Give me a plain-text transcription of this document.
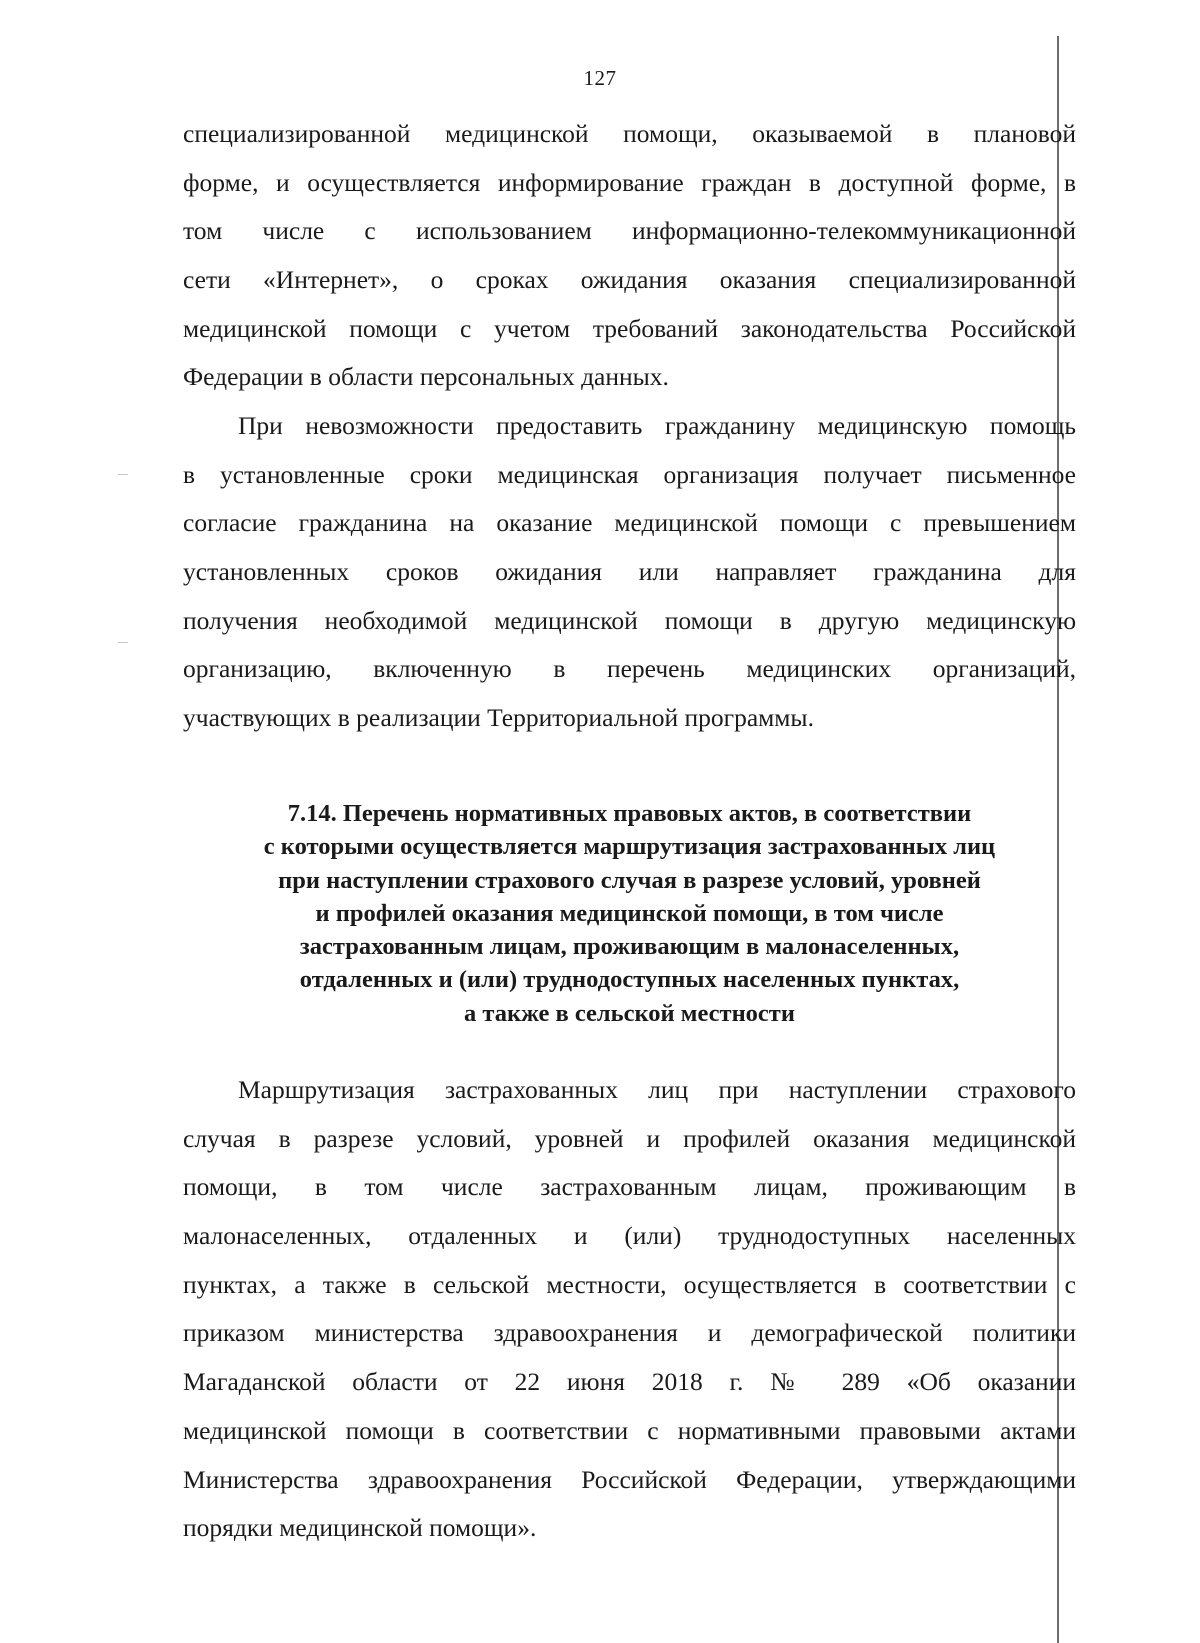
127
специализированной медицинской помощи, оказываемой в плановой
форме, и осуществляется информирование граждан в доступной форме, в
том числе с использованием информационно-телекоммуникационной
сети «Интернет», о сроках ожидания оказания специализированной
медицинской помощи с учетом требований законодательства Российской
Федерации в области персональных данных.
При невозможности предоставить гражданину медицинскую помощь
в установленные сроки медицинская организация получает письменное
согласие гражданина на оказание медицинской помощи с превышением
установленных сроков ожидания или направляет гражданина для
получения необходимой медицинской помощи в другую медицинскую
организацию, включенную в перечень медицинских организаций,
участвующих в реализации Территориальной программы.
7.14. Перечень нормативных правовых актов, в соответствии
с которыми осуществляется маршрутизация застрахованных лиц
при наступлении страхового случая в разрезе условий, уровней
и профилей оказания медицинской помощи, в том числе
застрахованным лицам, проживающим в малонаселенных,
отдаленных и (или) труднодоступных населенных пунктах,
а также в сельской местности
Маршрутизация застрахованных лиц при наступлении страхового
случая в разрезе условий, уровней и профилей оказания медицинской
помощи, в том числе застрахованным лицам, проживающим в
малонаселенных, отдаленных и (или) труднодоступных населенных
пунктах, а также в сельской местности, осуществляется в соответствии с
приказом министерства здравоохранения и демографической политики
Магаданской области от 22 июня 2018 г. № 289 «Об оказании
медицинской помощи в соответствии с нормативными правовыми актами
Министерства здравоохранения Российской Федерации, утверждающими
порядки медицинской помощи».
